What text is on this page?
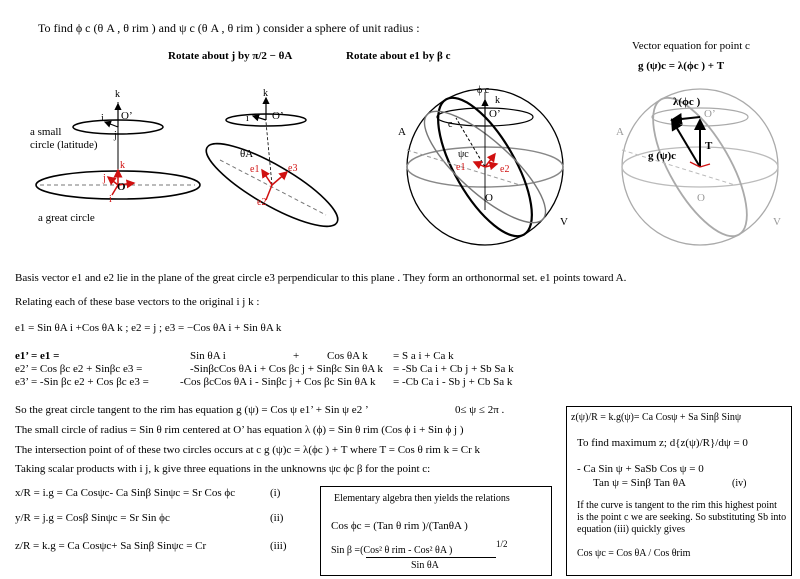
To find ϕ c (θ A , θ rim ) and ψ c (θ A , θ rim ) consider a sphere of unit radius :
Rotate about j by π/2 − θA	Rotate about e1 by β c
Vector equation for point c
g (ψ)c = λ(ϕc ) + T
k
i O’
j
a small
circle (latitude)
k
j
i
O
a great circle
O’
k
i
θA
e1	e3
e2
ϕ c
k
c
O’
A
ψc
e1	e2
O
V
λ(ϕc )
O’
g (ψ)c
T
A
O
V
Basis vector e1 and e2 lie in the plane of the great circle e3 perpendicular to this plane . They form an orthonormal set. e1 points toward A.
Relating each of these base vectors to the original i j k :
e1 = Sin θA i +Cos θA k ; e2 = j ; e3 = −Cos θA i + Sin θA k
e1’ = e1 =	Sin θA i	+	Cos θA k = S a i + Ca k
e2’ = Cos βc e2 + Sinβc e3 =	-SinβcCos θA i + Cos βc j + Sinβc Sin θA k = -Sb Ca i + Cb j + Sb Sa k
e3’ = -Sin βc e2 + Cos βc e3 =	-Cos βcCos θA i - Sinβc j + Cos βc Sin θA k = -Cb Ca i - Sb j + Cb Sa k
So the great circle tangent to the rim has equation g (ψ) = Cos ψ e1’ + Sin ψ e2 ’	0≤ ψ ≤ 2π .
The small circle of radius = Sin θ rim centered at O’ has equation λ (ϕ) = Sin θ rim (Cos ϕ i + Sin ϕ j )
The intersection point of of these two circles occurs at c g (ψ)c = λ(ϕc ) + T where T = Cos θ rim k = Cr k
Taking scalar products with i j, k give three equations in the unknowns ψc ϕc β for the point c:
x/R = i.g = Ca Cosψc- Ca Sinβ Sinψc = Sr Cos ϕc	(i)
y/R = j.g = Cosβ Sinψc = Sr Sin ϕc	(ii)
z/R = k.g = Ca Cosψc+ Sa Sinβ Sinψc = Cr	(iii)
Elementary algebra then yields the relations
Cos ϕc = (Tan θ rim )/(TanθA )
Sin β =(Cos² θ rim - Cos² θA )
1/2
Sin θA
z(ψ)/R = k.g(ψ)= Ca Cosψ + Sa Sinβ Sinψ
To find maximum z; d{z(ψ)/R}/dψ = 0
- Ca Sin ψ + SaSb Cos ψ = 0
Tan ψ = Sinβ Tan θA	(iv)
If the curve is tangent to the rim this highest point
is the point c we are seeking. So substituting Sb into
equation (iii) quickly gives
Cos ψc = Cos θA / Cos θrim
